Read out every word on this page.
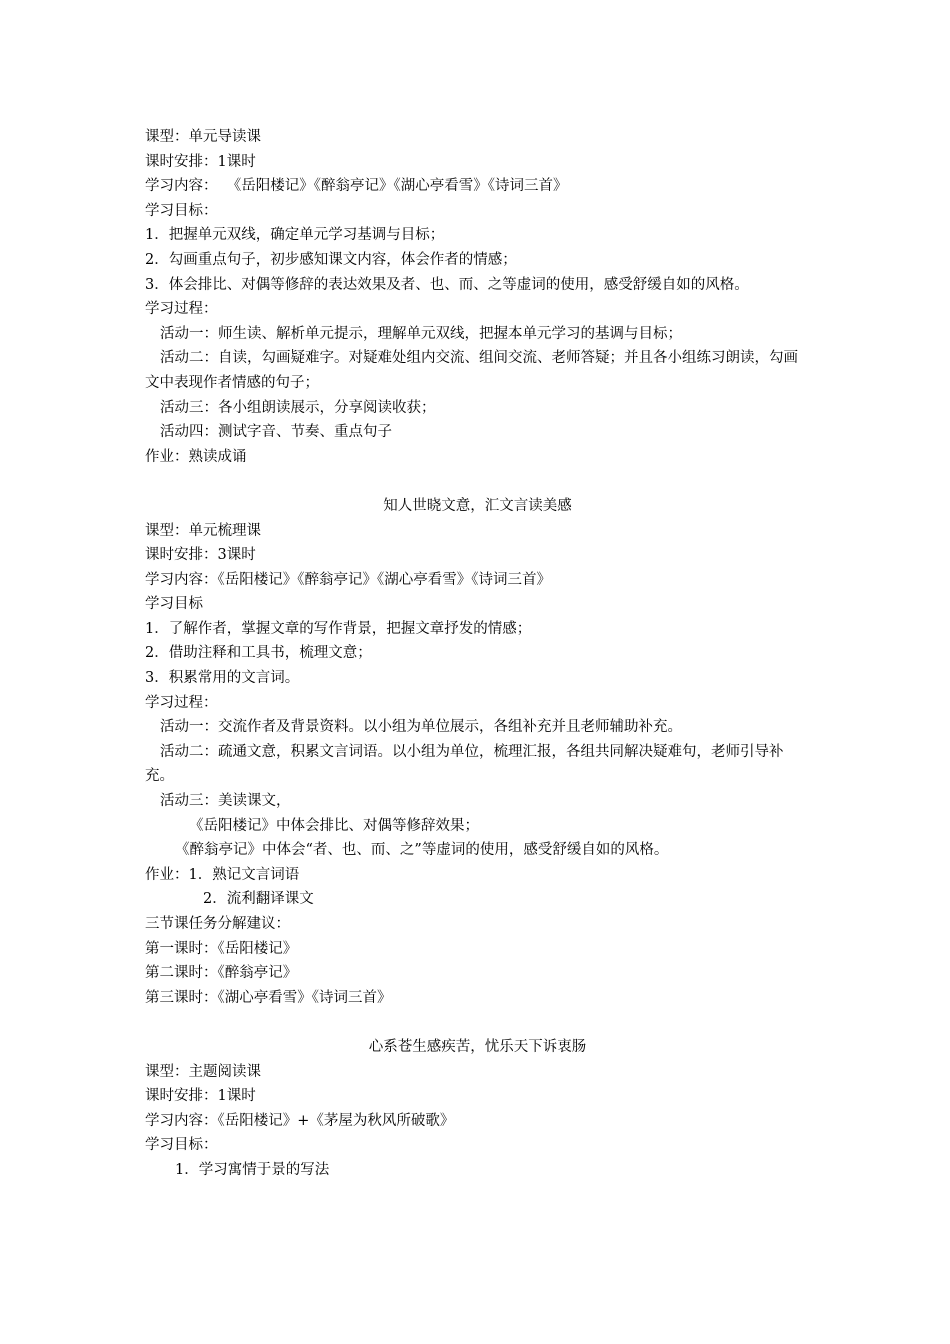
课型：单元导读课
课时安排：1课时
学习内容：  《岳阳楼记》《醉翁亭记》《湖心亭看雪》《诗词三首》
学习目标：
1．把握单元双线，确定单元学习基调与目标；
2．勾画重点句子，初步感知课文内容，体会作者的情感；
3．体会排比、对偶等修辞的表达效果及者、也、而、之等虚词的使用，感受舒缓自如的风格。
学习过程：
活动一：师生读、解析单元提示，理解单元双线，把握本单元学习的基调与目标；
活动二：自读，勾画疑难字。对疑难处组内交流、组间交流、老师答疑；并且各小组练习朗读，勾画文中表现作者情感的句子；
活动三：各小组朗读展示，分享阅读收获；
活动四：测试字音、节奏、重点句子
作业：熟读成诵
知人世晓文意，汇文言读美感
课型：单元梳理课
课时安排：3课时
学习内容：《岳阳楼记》《醉翁亭记》《湖心亭看雪》《诗词三首》
学习目标
1．了解作者，掌握文章的写作背景，把握文章抒发的情感；
2．借助注释和工具书，梳理文意；
3．积累常用的文言词。
学习过程：
活动一：交流作者及背景资料。以小组为单位展示，各组补充并且老师辅助补充。
活动二：疏通文意，积累文言词语。以小组为单位，梳理汇报，各组共同解决疑难句，老师引导补充。
活动三：美读课文，
《岳阳楼记》中体会排比、对偶等修辞效果；
《醉翁亭记》中体会“者、也、而、之”等虚词的使用，感受舒缓自如的风格。
作业：1．熟记文言词语
2．流利翻译课文
三节课任务分解建议：
第一课时：《岳阳楼记》
第二课时：《醉翁亭记》
第三课时：《湖心亭看雪》《诗词三首》
心系苍生感疾苦，忧乐天下诉衷肠
课型：主题阅读课
课时安排：1课时
学习内容：《岳阳楼记》+《茅屋为秋风所破歌》
学习目标：
1．学习寓情于景的写法
